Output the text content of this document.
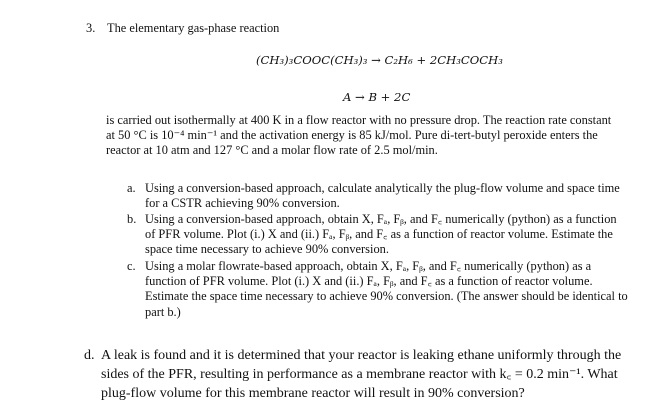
3. The elementary gas-phase reaction
(CH₃)₃COOC(CH₃)₃ → C₂H₆ + 2CH₃COCH₃
A → B + 2C
is carried out isothermally at 400 K in a flow reactor with no pressure drop. The reaction rate constant
at 50 °C is 10⁻⁴ min⁻¹ and the activation energy is 85 kJ/mol. Pure di-tert-butyl peroxide enters the
reactor at 10 atm and 127 °C and a molar flow rate of 2.5 mol/min.
a. Using a conversion-based approach, calculate analytically the plug-flow volume and space time
for a CSTR achieving 90% conversion.
b. Using a conversion-based approach, obtain X, Fₐ, Fᵦ, and F꜀ numerically (python) as a function
of PFR volume. Plot (i.) X and (ii.) Fₐ, Fᵦ, and F꜀ as a function of reactor volume. Estimate the
space time necessary to achieve 90% conversion.
c. Using a molar flowrate-based approach, obtain X, Fₐ, Fᵦ, and F꜀ numerically (python) as a
function of PFR volume. Plot (i.) X and (ii.) Fₐ, Fᵦ, and F꜀ as a function of reactor volume.
Estimate the space time necessary to achieve 90% conversion. (The answer should be identical to
part b.)
d. A leak is found and it is determined that your reactor is leaking ethane uniformly through the
sides of the PFR, resulting in performance as a membrane reactor with k꜀ = 0.2 min⁻¹. What
plug-flow volume for this membrane reactor will result in 90% conversion?
